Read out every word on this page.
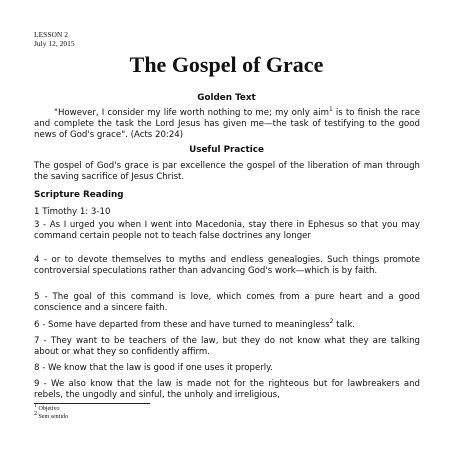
LESSON 2
July 12, 2015
The Gospel of Grace
Golden Text
"However, I consider my life worth nothing to me; my only aim$^1$ is to finish the race and complete the task the Lord Jesus has given me—the task of testifying to the good news of God's grace". (Acts 20:24)
Useful Practice
The gospel of God's grace is par excellence the gospel of the liberation of man through the saving sacrifice of Jesus Christ.
Scripture Reading
1 Timothy 1: 3-10
3 - As I urged you when I went into Macedonia, stay there in Ephesus so that you may command certain people not to teach false doctrines any longer
4 - or to devote themselves to myths and endless genealogies. Such things promote controversial speculations rather than advancing God's work—which is by faith.
5 - The goal of this command is love, which comes from a pure heart and a good conscience and a sincere faith.
6 - Some have departed from these and have turned to meaningless$^2$ talk.
7 - They want to be teachers of the law, but they do not know what they are talking about or what they so confidently affirm.
8 - We know that the law is good if one uses it properly.
9 - We also know that the law is made not for the righteous but for lawbreakers and rebels, the ungodly and sinful, the unholy and irreligious,
$^1$ Objetivo
$^2$ Sem sentido
